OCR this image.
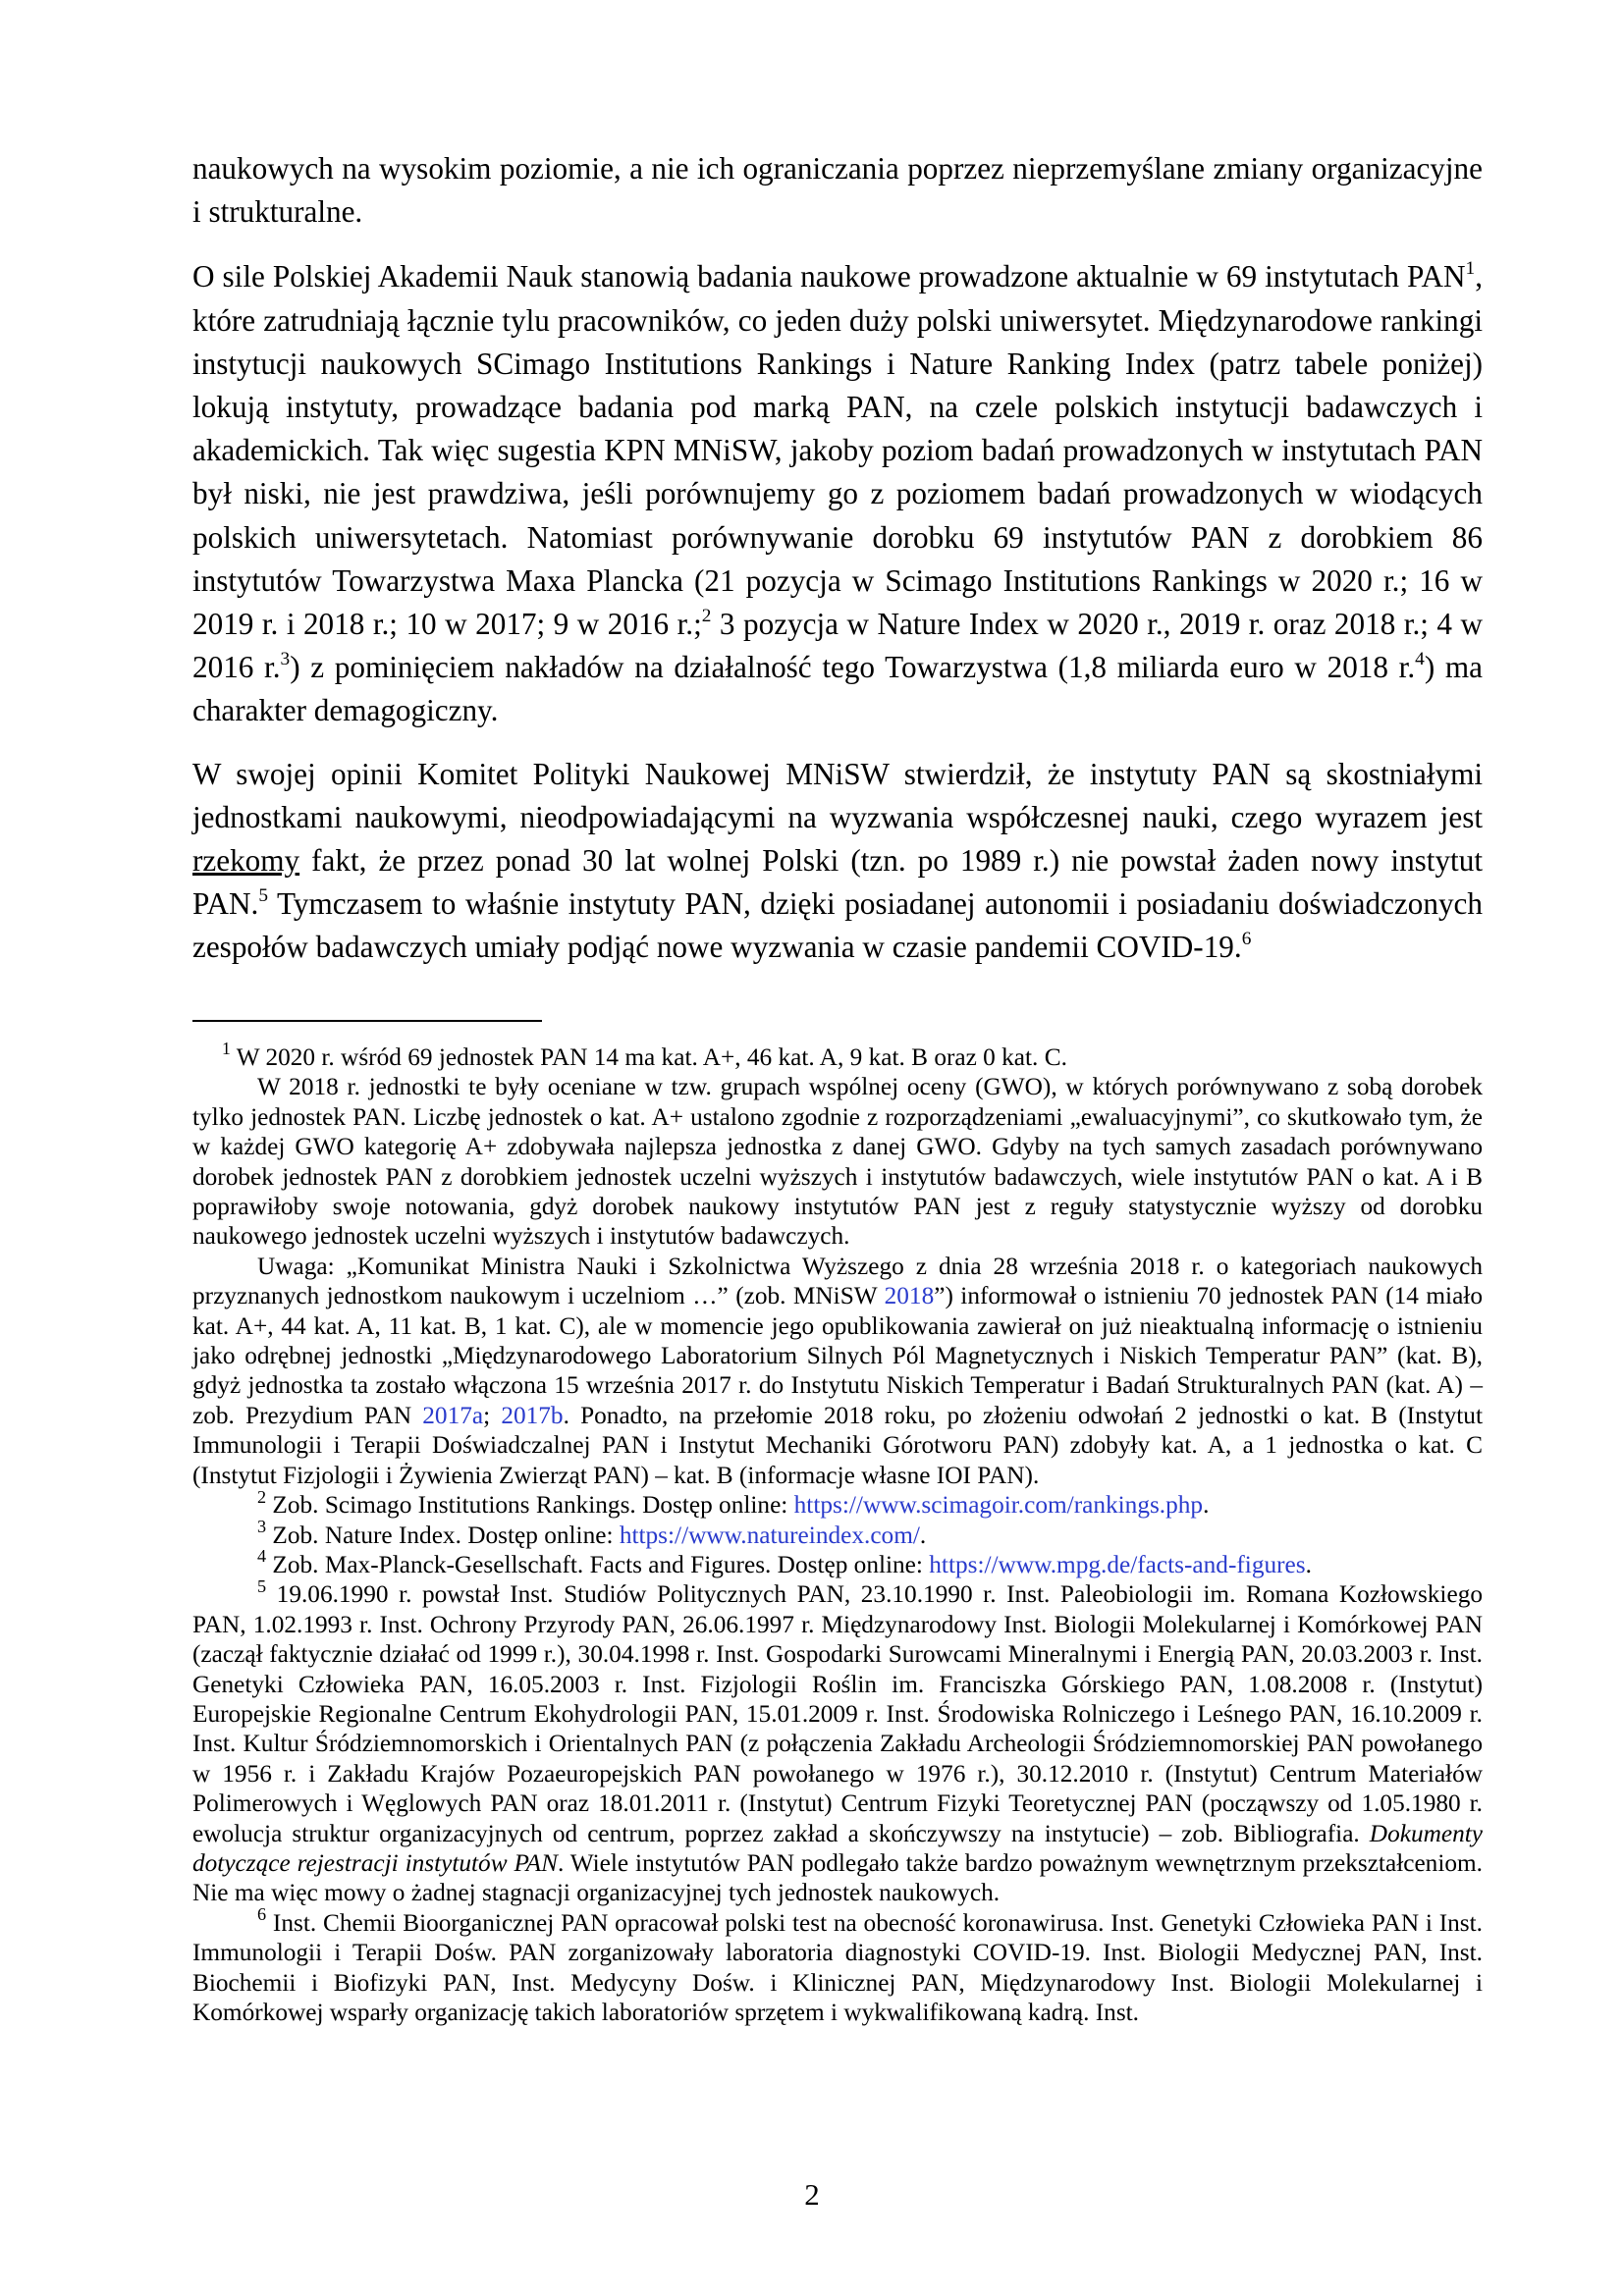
naukowych na wysokim poziomie, a nie ich ograniczania poprzez nieprzemyślane zmiany organizacyjne i strukturalne.

O sile Polskiej Akademii Nauk stanowią badania naukowe prowadzone aktualnie w 69 instytutach PAN$^1$, które zatrudniają łącznie tylu pracowników, co jeden duży polski uniwersytet. Międzynarodowe rankingi instytucji naukowych SCimago Institutions Rankings i Nature Ranking Index (patrz tabele poniżej) lokują instytuty, prowadzące badania pod marką PAN, na czele polskich instytucji badawczych i akademickich. Tak więc sugestia KPN MNiSW, jakoby poziom badań prowadzonych w instytutach PAN był niski, nie jest prawdziwa, jeśli porównujemy go z poziomem badań prowadzonych w wiodących polskich uniwersytetach. Natomiast porównywanie dorobku 69 instytutów PAN z dorobkiem 86 instytutów Towarzystwa Maxa Plancka (21 pozycja w Scimago Institutions Rankings w 2020 r.; 16 w 2019 r. i 2018 r.; 10 w 2017; 9 w 2016 r.;$^2$ 3 pozycja w Nature Index w 2020 r., 2019 r. oraz 2018 r.; 4 w 2016 r.$^3$) z pominięciem nakładów na działalność tego Towarzystwa (1,8 miliarda euro w 2018 r.$^4$) ma charakter demagogiczny.

W swojej opinii Komitet Polityki Naukowej MNiSW stwierdził, że instytuty PAN są skostniałymi jednostkami naukowymi, nieodpowiadającymi na wyzwania współczesnej nauki, czego wyrazem jest rzekomy fakt, że przez ponad 30 lat wolnej Polski (tzn. po 1989 r.) nie powstał żaden nowy instytut PAN.$^5$ Tymczasem to właśnie instytuty PAN, dzięki posiadanej autonomii i posiadaniu doświadczonych zespołów badawczych umiały podjąć nowe wyzwania w czasie pandemii COVID-19.$^6$

$^1$ W 2020 r. wśród 69 jednostek PAN 14 ma kat. A+, 46 kat. A, 9 kat. B oraz 0 kat. C.

W 2018 r. jednostki te były oceniane w tzw. grupach wspólnej oceny (GWO), w których porównywano z sobą dorobek tylko jednostek PAN. Liczbę jednostek o kat. A+ ustalono zgodnie z rozporządzeniami „ewaluacyjnymi”, co skutkowało tym, że w każdej GWO kategorię A+ zdobywała najlepsza jednostka z danej GWO. Gdyby na tych samych zasadach porównywano dorobek jednostek PAN z dorobkiem jednostek uczelni wyższych i instytutów badawczych, wiele instytutów PAN o kat. A i B poprawiłoby swoje notowania, gdyż dorobek naukowy instytutów PAN jest z reguły statystycznie wyższy od dorobku naukowego jednostek uczelni wyższych i instytutów badawczych.

Uwaga: „Komunikat Ministra Nauki i Szkolnictwa Wyższego z dnia 28 września 2018 r. o kategoriach naukowych przyznanych jednostkom naukowym i uczelniom …” (zob. MNiSW 2018”) informował o istnieniu 70 jednostek PAN (14 miało kat. A+, 44 kat. A, 11 kat. B, 1 kat. C), ale w momencie jego opublikowania zawierał on już nieaktualną informację o istnieniu jako odrębnej jednostki „Międzynarodowego Laboratorium Silnych Pól Magnetycznych i Niskich Temperatur PAN” (kat. B), gdyż jednostka ta zostało włączona 15 września 2017 r. do Instytutu Niskich Temperatur i Badań Strukturalnych PAN (kat. A) – zob. Prezydium PAN 2017a; 2017b. Ponadto, na przełomie 2018 roku, po złożeniu odwołań 2 jednostki o kat. B (Instytut Immunologii i Terapii Doświadczalnej PAN i Instytut Mechaniki Górotworu PAN) zdobyły kat. A, a 1 jednostka o kat. C (Instytut Fizjologii i Żywienia Zwierząt PAN) – kat. B (informacje własne IOI PAN).

$^2$ Zob. Scimago Institutions Rankings. Dostęp online: https://www.scimagoir.com/rankings.php.

$^3$ Zob. Nature Index. Dostęp online: https://www.natureindex.com/.

$^4$ Zob. Max-Planck-Gesellschaft. Facts and Figures. Dostęp online: https://www.mpg.de/facts-and-figures.

$^5$ 19.06.1990 r. powstał Inst. Studiów Politycznych PAN, 23.10.1990 r. Inst. Paleobiologii im. Romana Kozłowskiego PAN, 1.02.1993 r. Inst. Ochrony Przyrody PAN, 26.06.1997 r. Międzynarodowy Inst. Biologii Molekularnej i Komórkowej PAN (zaczął faktycznie działać od 1999 r.), 30.04.1998 r. Inst. Gospodarki Surowcami Mineralnymi i Energią PAN, 20.03.2003 r. Inst. Genetyki Człowieka PAN, 16.05.2003 r. Inst. Fizjologii Roślin im. Franciszka Górskiego PAN, 1.08.2008 r. (Instytut) Europejskie Regionalne Centrum Ekohydrologii PAN, 15.01.2009 r. Inst. Środowiska Rolniczego i Leśnego PAN, 16.10.2009 r. Inst. Kultur Śródziemnomorskich i Orientalnych PAN (z połączenia Zakładu Archeologii Śródziemnomorskiej PAN powołanego w 1956 r. i Zakładu Krajów Pozaeuropejskich PAN powołanego w 1976 r.), 30.12.2010 r. (Instytut) Centrum Materiałów Polimerowych i Węglowych PAN oraz 18.01.2011 r. (Instytut) Centrum Fizyki Teoretycznej PAN (począwszy od 1.05.1980 r. ewolucja struktur organizacyjnych od centrum, poprzez zakład a skończywszy na instytucie) – zob. Bibliografia. Dokumenty dotyczące rejestracji instytutów PAN. Wiele instytutów PAN podlegało także bardzo poważnym wewnętrznym przekształceniom. Nie ma więc mowy o żadnej stagnacji organizacyjnej tych jednostek naukowych.

$^6$ Inst. Chemii Bioorganicznej PAN opracował polski test na obecność koronawirusa. Inst. Genetyki Człowieka PAN i Inst. Immunologii i Terapii Dośw. PAN zorganizowały laboratoria diagnostyki COVID-19. Inst. Biologii Medycznej PAN, Inst. Biochemii i Biofizyki PAN, Inst. Medycyny Dośw. i Klinicznej PAN, Międzynarodowy Inst. Biologii Molekularnej i Komórkowej wsparły organizację takich laboratoriów sprzętem i wykwalifikowaną kadrą. Inst.

2
